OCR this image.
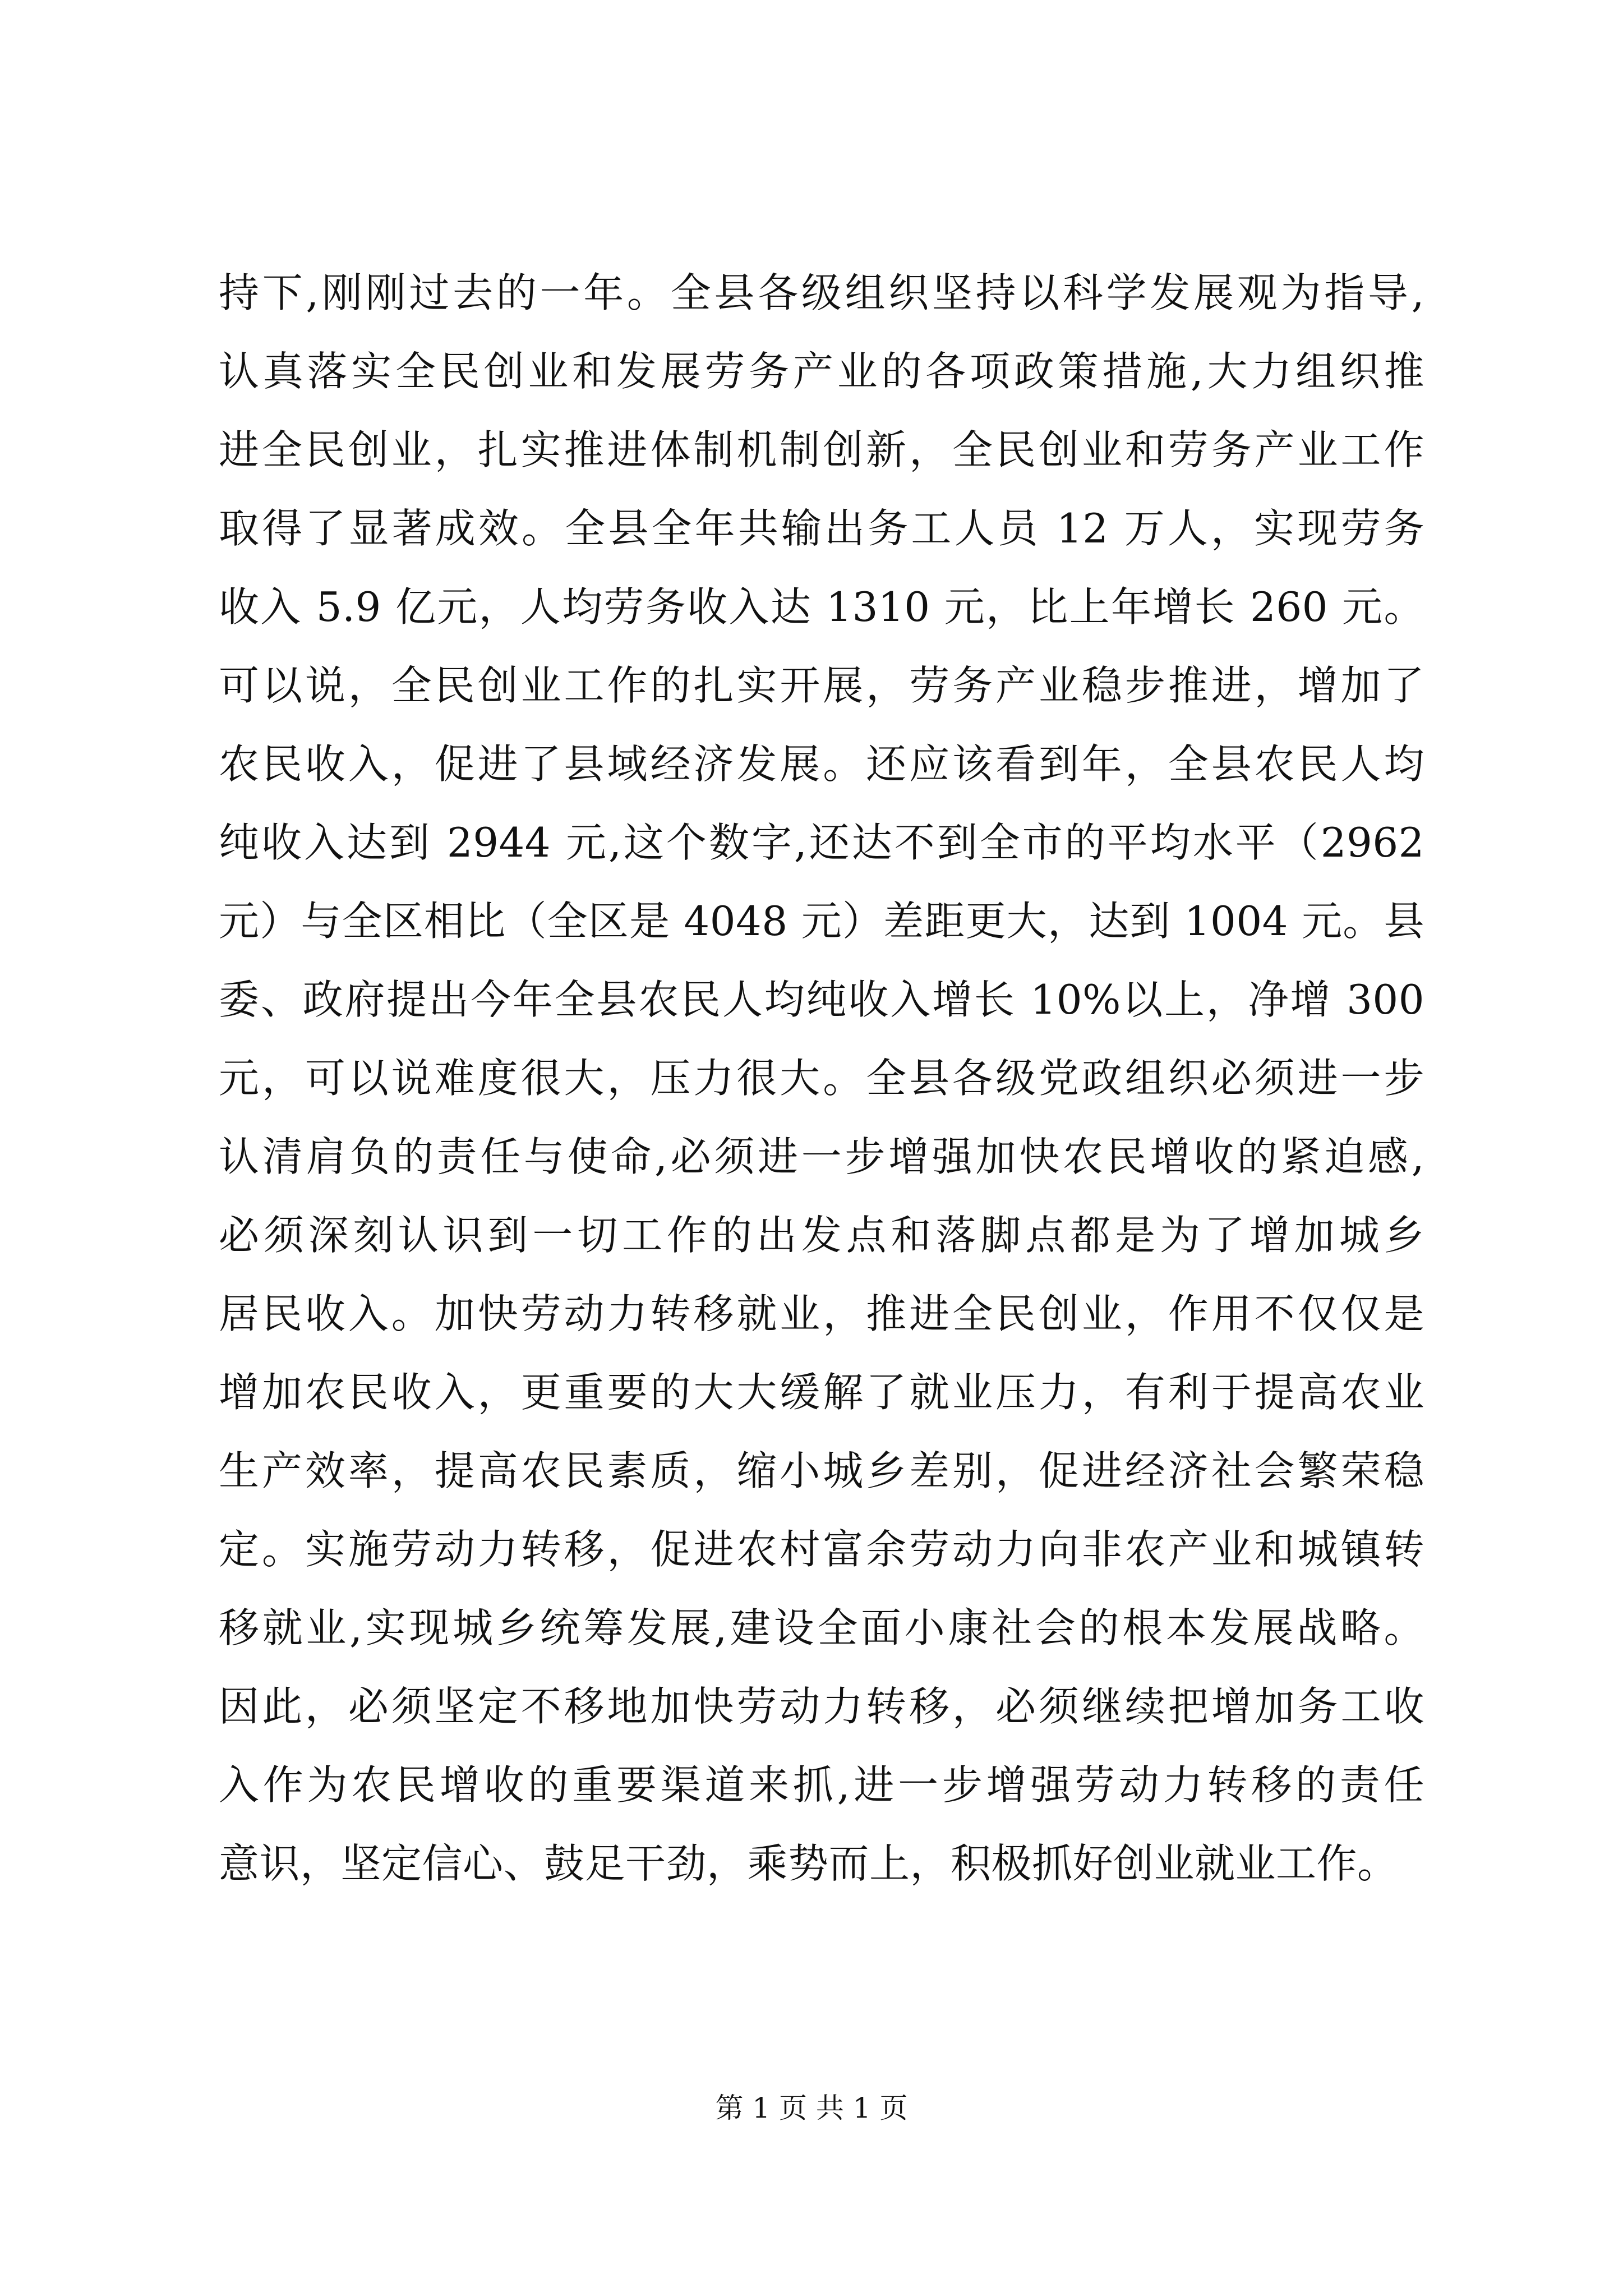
持下,刚刚过去的一年。全县各级组织坚持以科学发展观为指导,
认真落实全民创业和发展劳务产业的各项政策措施,大力组织推
进全民创业，扎实推进体制机制创新，全民创业和劳务产业工作
取得了显著成效。全县全年共输出务工人员 12 万人，实现劳务
收入 5.9 亿元，人均劳务收入达 1310 元，比上年增长 260 元。
可以说，全民创业工作的扎实开展，劳务产业稳步推进，增加了
农民收入，促进了县域经济发展。还应该看到年，全县农民人均
纯收入达到 2944 元,这个数字,还达不到全市的平均水平（2962
元）与全区相比（全区是 4048 元）差距更大，达到 1004 元。县
委、政府提出今年全县农民人均纯收入增长 10%以上，净增 300
元，可以说难度很大，压力很大。全县各级党政组织必须进一步
认清肩负的责任与使命,必须进一步增强加快农民增收的紧迫感,
必须深刻认识到一切工作的出发点和落脚点都是为了增加城乡
居民收入。加快劳动力转移就业，推进全民创业，作用不仅仅是
增加农民收入，更重要的大大缓解了就业压力，有利于提高农业
生产效率，提高农民素质，缩小城乡差别，促进经济社会繁荣稳
定。实施劳动力转移，促进农村富余劳动力向非农产业和城镇转
移就业,实现城乡统筹发展,建设全面小康社会的根本发展战略。
因此，必须坚定不移地加快劳动力转移，必须继续把增加务工收
入作为农民增收的重要渠道来抓,进一步增强劳动力转移的责任
意识，坚定信心、鼓足干劲，乘势而上，积极抓好创业就业工作。
第 1 页 共 1 页
